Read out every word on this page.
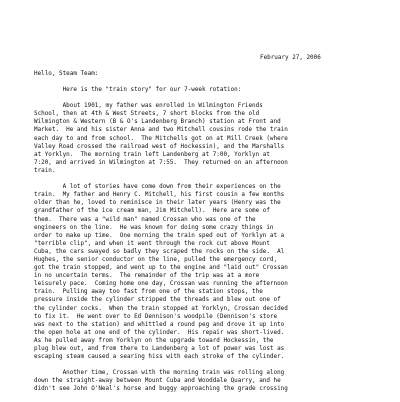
February 27, 2006
Hello, Steam Team:

Here is the "train story" for our 7-week rotation:

About 1901, my father was enrolled in Wilmington Friends
School, then at 4th & West Streets, 7 short blocks from the old
Wilmington & Western (B & O's Landenberg Branch) station at Front and
Market.  He and his sister Anna and two Mitchell cousins rode the train
each day to and from school.  The Mitchells got on at Mill Creek (where
Valley Road crossed the railroad west of Hockessin), and the Marshalls
at Yorklyn.  The morning train left Landenberg at 7:00, Yorklyn at
7:20, and arrived in Wilmington at 7:55.  They returned on an afternoon
train.

A lot of stories have come down from their experiences on the
train.  My father and Henry C. Mitchell, his first cousin a few months
older than he, loved to reminisce in their later years (Henry was the
grandfather of the ice cream man, Jim Mitchell).  Here are some of
them.  There was a "wild man" named Crossan who was one of the
engineers on the line.  He was known for doing some crazy things in
order to make up time.  One morning the train sped out of Yorklyn at a
"terrible clip", and when it went through the rock cut above Mount
Cuba, the cars swayed so badly they scraped the rocks on the side.  Al
Hughes, the senior conductor on the line, pulled the emergency cord,
got the train stopped, and went up to the engine and "laid out" Crossan
in no uncertain terms.  The remainder of the trip was at a more
leisurely pace.  Coming home one day, Crossan was running the afternoon
train.  Pulling away too fast from one of the station stops, the
pressure inside the cylinder stripped the threads and blew out one of
the cylinder cocks.  When the train stopped at Yorklyn, Crossan decided
to fix it.  He went over to Ed Dennison's woodpile (Dennison's store
was next to the station) and whittled a round peg and drove it up into
the open hole at one end of the cylinder.  His repair was short-lived.
As he pulled away from Yorklyn on the upgrade toward Hockessin, the
plug blew out, and from there to Landenberg a lot of power was lost as
escaping steam caused a searing hiss with each stroke of the cylinder.

Another time, Crossan with the morning train was rolling along
down the straight-away between Mount Cuba and Wooddale Quarry, and he
didn't see John O'Neal's horse and buggy approaching the grade crossing
